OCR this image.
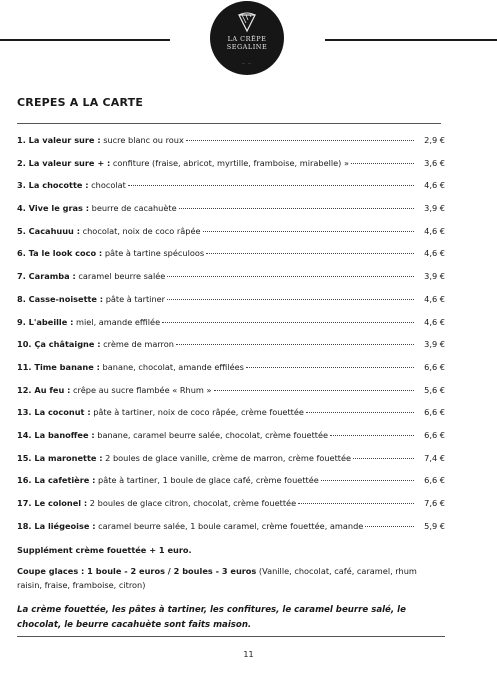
LA CRÊPE
SEGALINE
— —
CREPES A LA CARTE
1. La valeur sure : sucre blanc ou roux	2,9 €
2. La valeur sure + : confiture (fraise, abricot, myrtille, framboise, mirabelle) »	3,6 €
3. La chocotte : chocolat	4,6 €
4. Vive le gras : beurre de cacahuète	3,9 €
5. Cacahuuu : chocolat, noix de coco râpée	4,6 €
6. Ta le look coco : pâte à tartine spéculoos	4,6 €
7. Caramba : caramel beurre salée	3,9 €
8. Casse-noisette : pâte à tartiner	4,6 €
9. L'abeille : miel, amande effilée	4,6 €
10. Ça châtaigne : crème de marron	3,9 €
11. Time banane : banane, chocolat, amande effilées	6,6 €
12. Au feu : crêpe au sucre flambée « Rhum »	5,6 €
13. La coconut : pâte à tartiner, noix de coco râpée, crème fouettée	6,6 €
14. La banoffee : banane, caramel beurre salée, chocolat, crème fouettée	6,6 €
15. La maronette : 2 boules de glace vanille, crème de marron, crème fouettée	7,4 €
16. La cafetière : pâte à tartiner, 1 boule de glace café, crème fouettée	6,6 €
17. Le colonel : 2 boules de glace citron, chocolat, crème fouettée	7,6 €
18. La liégeoise : caramel beurre salée, 1 boule caramel, crème fouettée, amande	5,9 €
Supplément crème fouettée + 1 euro.
Coupe glaces : 1 boule - 2 euros / 2 boules - 3 euros (Vanille, chocolat, café, caramel, rhum raisin, fraise, framboise, citron)
La crème fouettée, les pâtes à tartiner, les confitures, le caramel beurre salé, le chocolat, le beurre cacahuète sont faits maison.
11
